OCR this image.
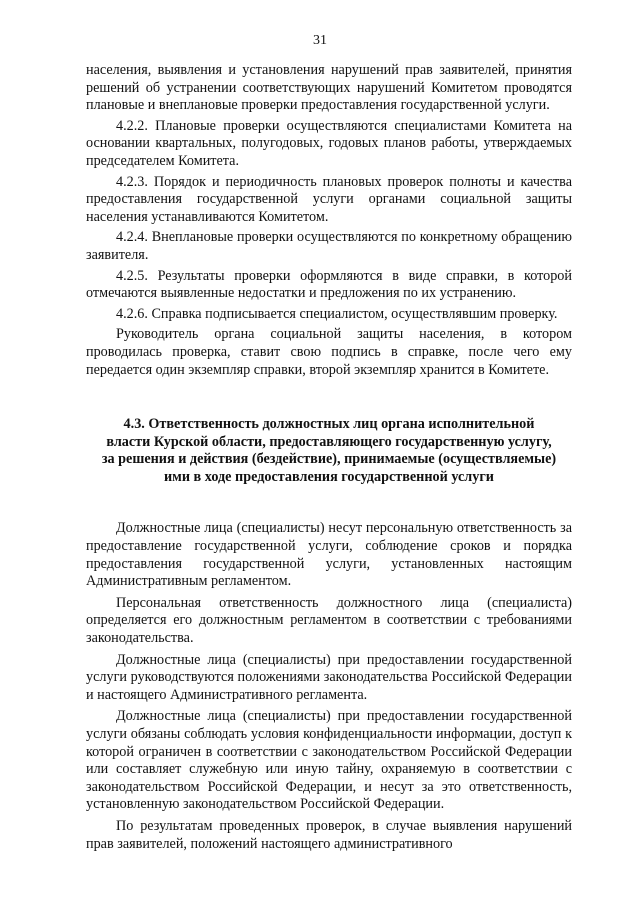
31

населения, выявления и установления нарушений прав заявителей, принятия решений об устранении соответствующих нарушений Комитетом проводятся плановые и внеплановые проверки предоставления государственной услуги.

4.2.2. Плановые проверки осуществляются специалистами Комитета на основании квартальных, полугодовых, годовых планов работы, утверждаемых председателем Комитета.

4.2.3. Порядок и периодичность плановых проверок полноты и качества предоставления государственной услуги органами социальной защиты населения устанавливаются Комитетом.

4.2.4. Внеплановые проверки осуществляются по конкретному обращению заявителя.

4.2.5. Результаты проверки оформляются в виде справки, в которой отмечаются выявленные недостатки и предложения по их устранению.

4.2.6. Справка подписывается специалистом, осуществлявшим проверку.

Руководитель органа социальной защиты населения, в котором проводилась проверка, ставит свою подпись в справке, после чего ему передается один экземпляр справки, второй экземпляр хранится в Комитете.

4.3. Ответственность должностных лиц органа исполнительной
власти Курской области, предоставляющего государственную услугу,
за решения и действия (бездействие), принимаемые (осуществляемые)
ими в ходе предоставления государственной услуги

Должностные лица (специалисты) несут персональную ответственность за предоставление государственной услуги, соблюдение сроков и порядка предоставления государственной услуги, установленных настоящим Административным регламентом.

Персональная ответственность должностного лица (специалиста) определяется его должностным регламентом в соответствии с требованиями законодательства.

Должностные лица (специалисты) при предоставлении государственной услуги руководствуются положениями законодательства Российской Федерации и настоящего Административного регламента.

Должностные лица (специалисты) при предоставлении государственной услуги обязаны соблюдать условия конфиденциальности информации, доступ к которой ограничен в соответствии с законодательством Российской Федерации или составляет служебную или иную тайну, охраняемую в соответствии с законодательством Российской Федерации, и несут за это ответственность, установленную законодательством Российской Федерации.

По результатам проведенных проверок, в случае выявления нарушений прав заявителей, положений настоящего административного
